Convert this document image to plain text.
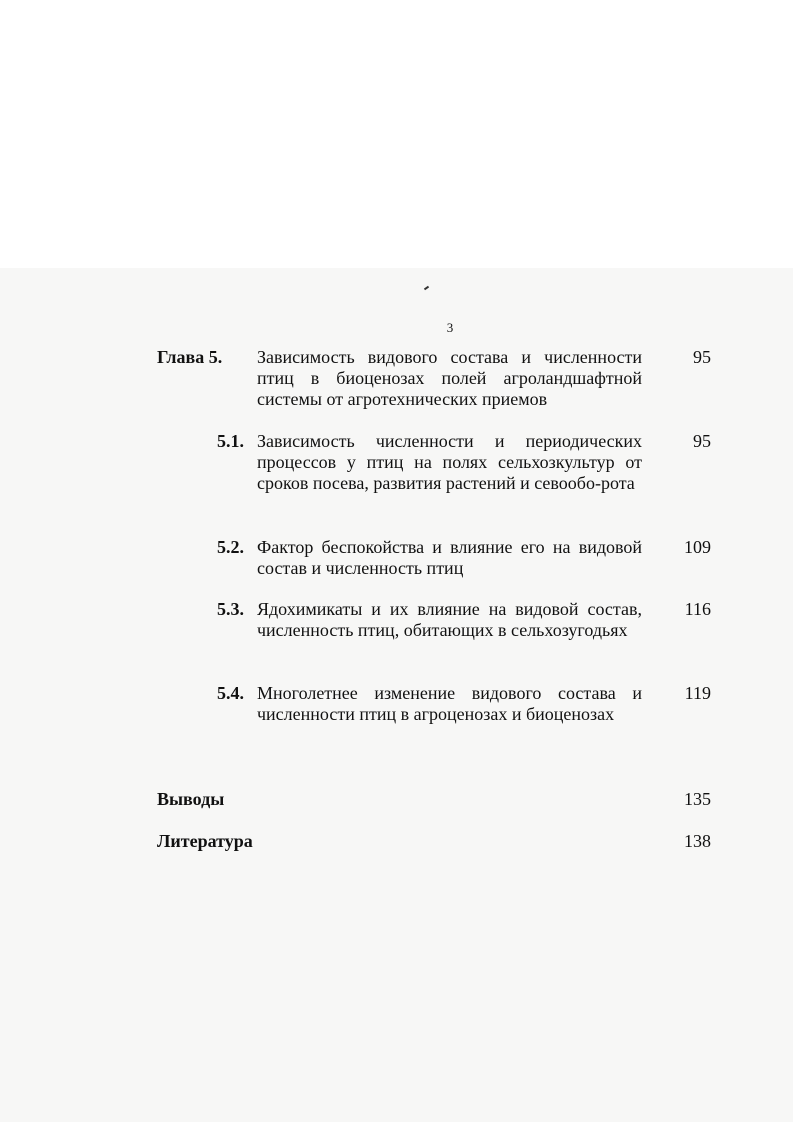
3
Глава 5. Зависимость видового состава и численности птиц в биоценозах полей агроландшафтной системы от агротехнических приемов
95
5.1. Зависимость численности и периодических процессов у птиц на полях сельхозкультур от сроков посева, развития растений и севообо-рота
95
5.2. Фактор беспокойства и влияние его на видовой состав и численность птиц
109
5.3. Ядохимикаты и их влияние на видовой состав, численность птиц, обитающих в сельхозугодьях
116
5.4. Многолетнее изменение видового состава и численности птиц в агроценозах и биоценозах
119
Выводы	135
Литература	138
